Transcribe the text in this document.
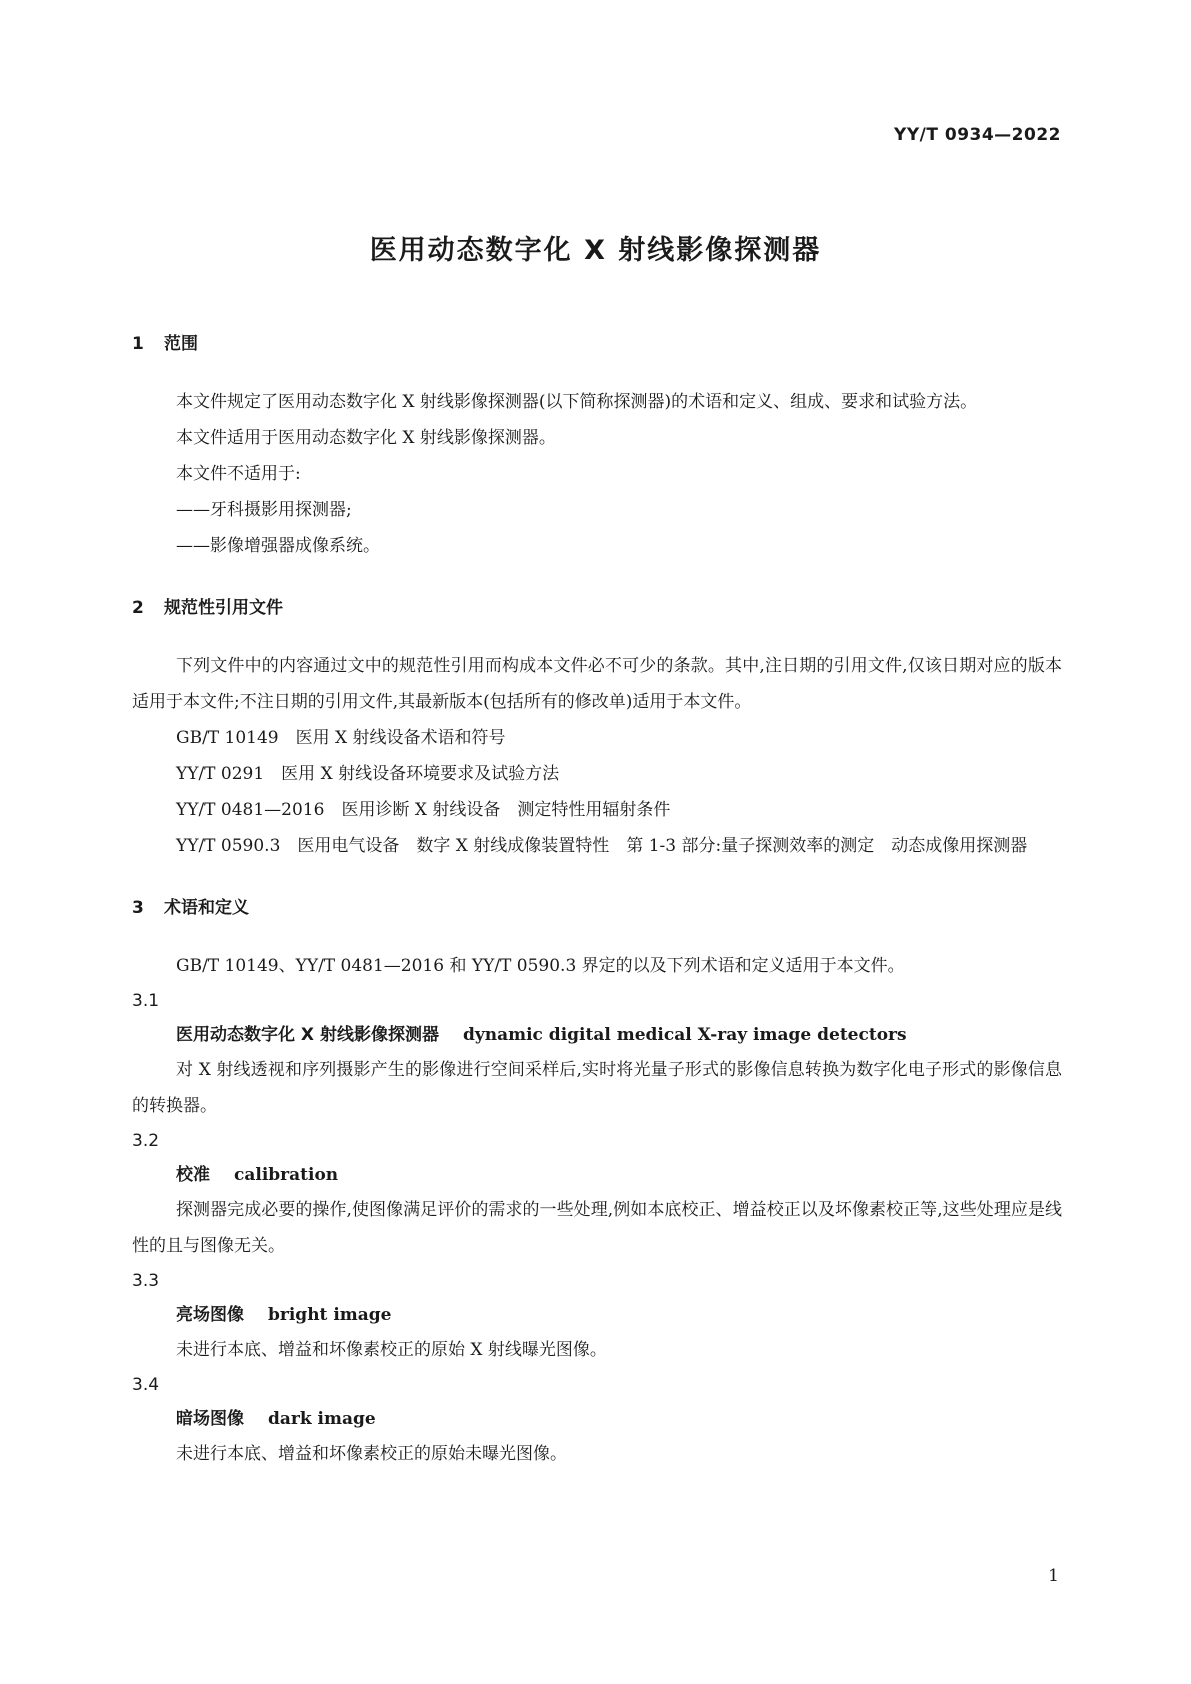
YY/T 0934—2022
医用动态数字化 X 射线影像探测器
1 范围

本文件规定了医用动态数字化 X 射线影像探测器(以下简称探测器)的术语和定义、组成、要求和试验方法。

本文件适用于医用动态数字化 X 射线影像探测器。

本文件不适用于:

——牙科摄影用探测器;

——影像增强器成像系统。

2 规范性引用文件

下列文件中的内容通过文中的规范性引用而构成本文件必不可少的条款。其中,注日期的引用文件,仅该日期对应的版本适用于本文件;不注日期的引用文件,其最新版本(包括所有的修改单)适用于本文件。

GB/T 10149　医用 X 射线设备术语和符号

YY/T 0291　医用 X 射线设备环境要求及试验方法

YY/T 0481—2016　医用诊断 X 射线设备　测定特性用辐射条件

YY/T 0590.3　医用电气设备　数字 X 射线成像装置特性　第 1-3 部分:量子探测效率的测定　动态成像用探测器

3 术语和定义

GB/T 10149、YY/T 0481—2016 和 YY/T 0590.3 界定的以及下列术语和定义适用于本文件。

3.1

医用动态数字化 X 射线影像探测器 dynamic digital medical X-ray image detectors

对 X 射线透视和序列摄影产生的影像进行空间采样后,实时将光量子形式的影像信息转换为数字化电子形式的影像信息的转换器。

3.2

校准 calibration

探测器完成必要的操作,使图像满足评价的需求的一些处理,例如本底校正、增益校正以及坏像素校正等,这些处理应是线性的且与图像无关。

3.3

亮场图像 bright image

未进行本底、增益和坏像素校正的原始 X 射线曝光图像。

3.4

暗场图像 dark image

未进行本底、增益和坏像素校正的原始未曝光图像。

1
